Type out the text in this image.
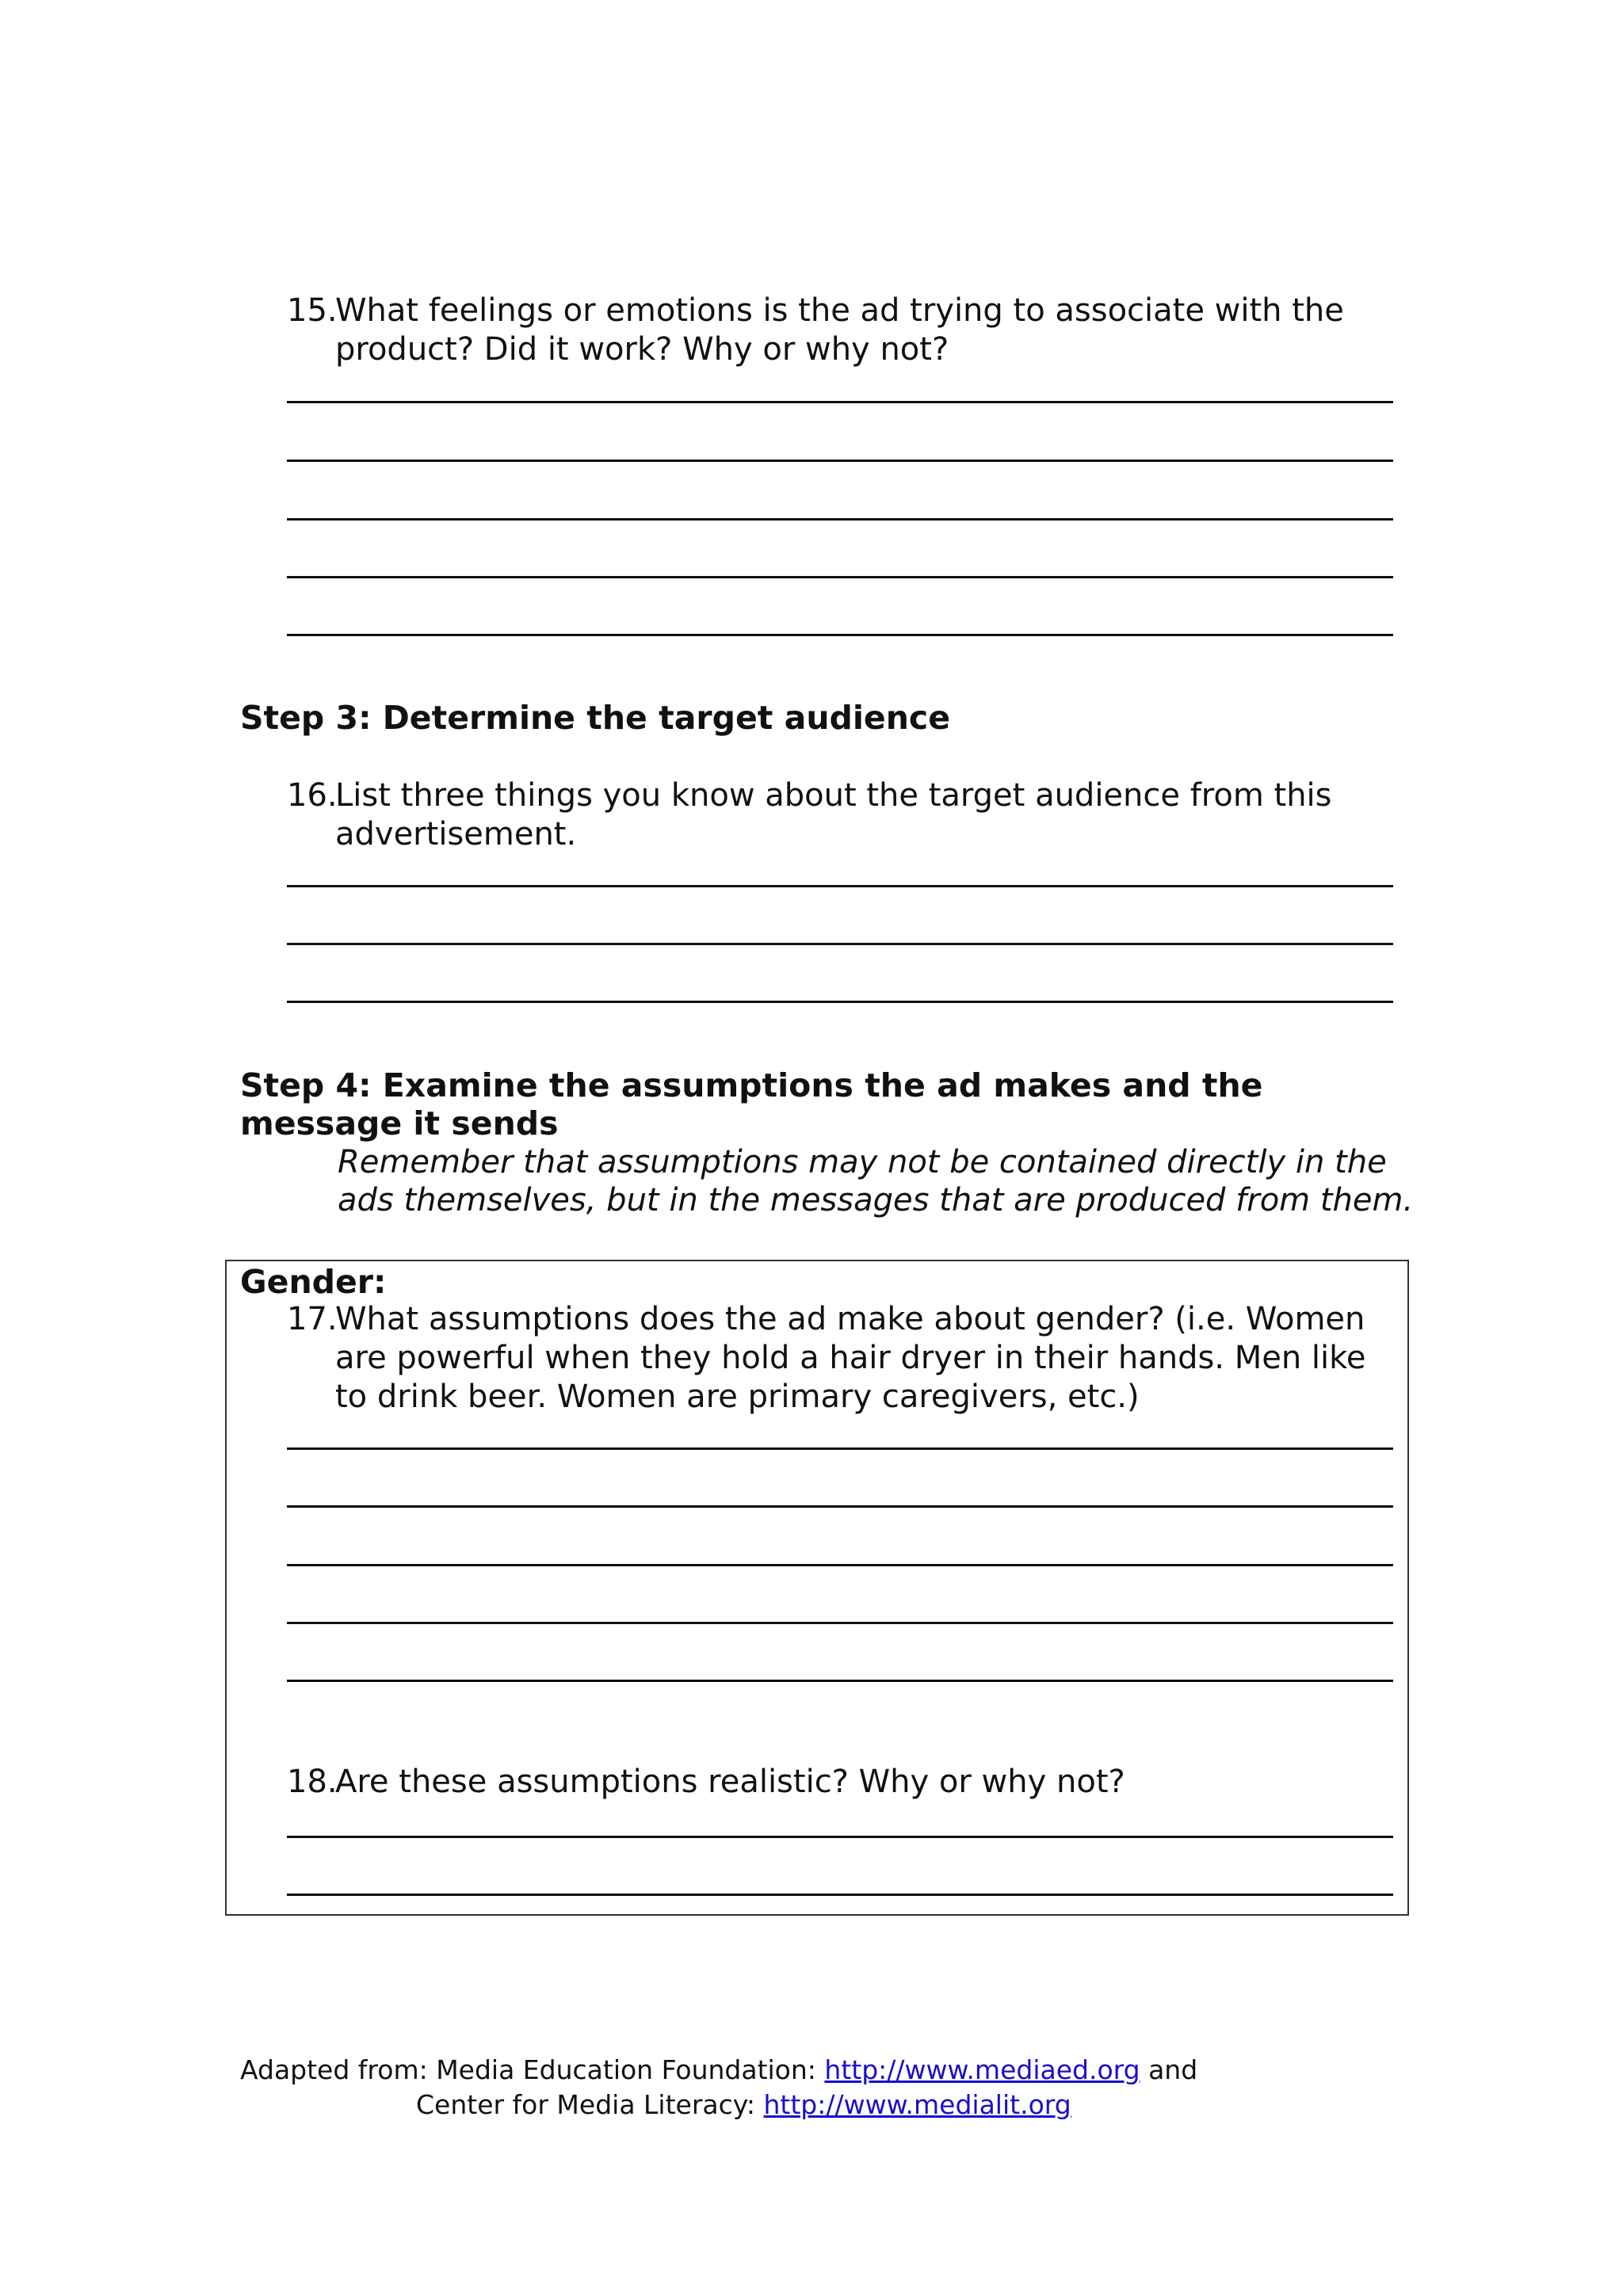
15.
What feelings or emotions is the ad trying to associate with the product? Did it work? Why or why not?
Step 3: Determine the target audience
16.
List three things you know about the target audience from this advertisement.
Step 4: Examine the assumptions the ad makes and the message it sends
Remember that assumptions may not be contained directly in the ads themselves, but in the messages that are produced from them.
Gender:
17.
What assumptions does the ad make about gender? (i.e. Women are powerful when they hold a hair dryer in their hands. Men like to drink beer. Women are primary caregivers, etc.)
18.
Are these assumptions realistic? Why or why not?
Adapted from: Media Education Foundation: http://www.mediaed.org and
Center for Media Literacy: http://www.medialit.org
